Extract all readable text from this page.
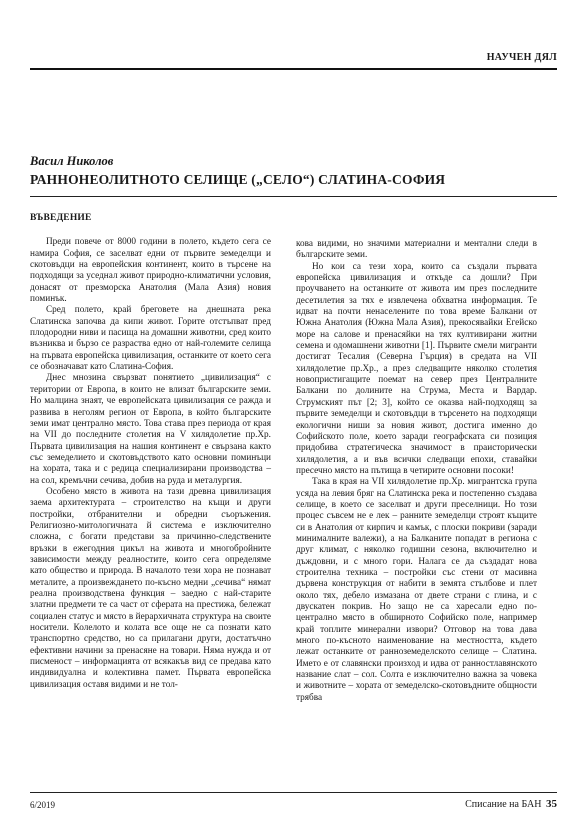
НАУЧЕН ДЯЛ
Васил Николов
РАННОНЕОЛИТНОТО СЕЛИЩЕ („СЕЛО“) СЛАТИНА-СОФИЯ
ВЪВЕДЕНИЕ

Преди повече от 8000 години в полето, където сега се намира София, се заселват едни от първите земеделци и скотовъдци на европейския континент, които в търсене на подходящи за уседнал живот природно-климатични условия, донасят от презморска Анатолия (Мала Азия) новия поминък.

Сред полето, край бреговете на днешната река Слатинска започва да кипи живот. Горите отстъпват пред плодородни ниви и пасища на домашни животни, сред които възниква и бързо се разраства едно от най-големите селища на първата европейска цивилизация, останките от което сега се обозначават като Слатина-София.

Днес мнозина свързват понятието „цивилизация“ с територии от Европа, в които не влизат българските земи. Но малцина знаят, че европейската цивилизация се ражда и развива в неголям регион от Европа, в който българските земи имат централно място. Това става през периода от края на VII до последните столетия на V хилядолетие пр.Хр. Първата цивилизация на нашия континент е свързана както със земеделието и скотовъдството като основни поминъци на хората, така и с редица специализирани производства – на сол, кремъчни сечива, добив на руда и металургия.

Особено място в живота на тази древна цивилизация заема архитектурата – строителство на къщи и други постройки, отбранителни и обредни съоръжения. Религиозно-митологичната й система е изключително сложна, с богати представи за причинно-следствените връзки в ежегодния цикъл на живота и многобройните зависимости между реалностите, които сега определяме като общество и природа. В началото тези хора не познават металите, а произвеждането по-късно медни „сечива“ нямат реална производствена функция – заедно с най-старите златни предмети те са част от сферата на престижа, бележат социален статус и място в йерархичната структура на своите носители. Колелото и колата все още не са познати като транспортно средство, но са прилагани други, достатъчно ефективни начини за пренасяне на товари. Няма нужда и от писменост – информацията от всякакъв вид се предава като индивидуална и колективна памет. Първата европейска цивилизация оставя видими и не тол-

кова видими, но значими материални и ментални следи в българските земи.

Но кои са тези хора, които са създали първата европейска цивилизация и откъде са дошли? При проучването на останките от живота им през последните десетилетия за тях е извлечена обхватна информация. Те идват на почти ненаселените по това време Балкани от Южна Анатолия (Южна Мала Азия), прекосявайки Егейско море на салове и пренасяйки на тях култивирани житни семена и одомашнени животни [1]. Първите смели мигранти достигат Тесалия (Северна Гърция) в средата на VII хилядолетие пр.Хр., а през следващите няколко столетия новопристигащите поемат на север през Централните Балкани по долините на Струма, Места и Вардар. Струмският път [2; 3], който се оказва най-подходящ за първите земеделци и скотовъдци в търсенето на подходящи екологични ниши за новия живот, достига именно до Софийското поле, което заради географската си позиция придобива стратегическа значимост в праисторически хилядолетия, а и във всички следващи епохи, ставайки пресечно място на пътища в четирите основни посоки!

Така в края на VII хилядолетие пр.Хр. мигрантска група усяда на левия бряг на Слатинска река и постепенно създава селище, в което се заселват и други преселници. Но този процес съвсем не е лек – ранните земеделци строят къщите си в Анатолия от кирпич и камък, с плоски покриви (заради минималните валежи), а на Балканите попадат в региона с друг климат, с няколко годишни сезона, включително и дъждовни, и с много гори. Налага се да създадат нова строителна техника – постройки със стени от масивна дървена конструкция от набити в земята стълбове и плет около тях, дебело измазана от двете страни с глина, и с двускатен покрив. Но защо не са харесали едно по-централно място в обширното Софийско поле, например край топлите минерални извори? Отговор на това дава много по-късното наименование на местността, където лежат останките от ранноземеделското селище – Слатина. Името е от славянски произход и идва от ранностлавянското название слат – сол. Солта е изключително важна за човека и животните – хората от земеделско-скотовъдните общности трябва

6/2019	Списание на БАН 35
